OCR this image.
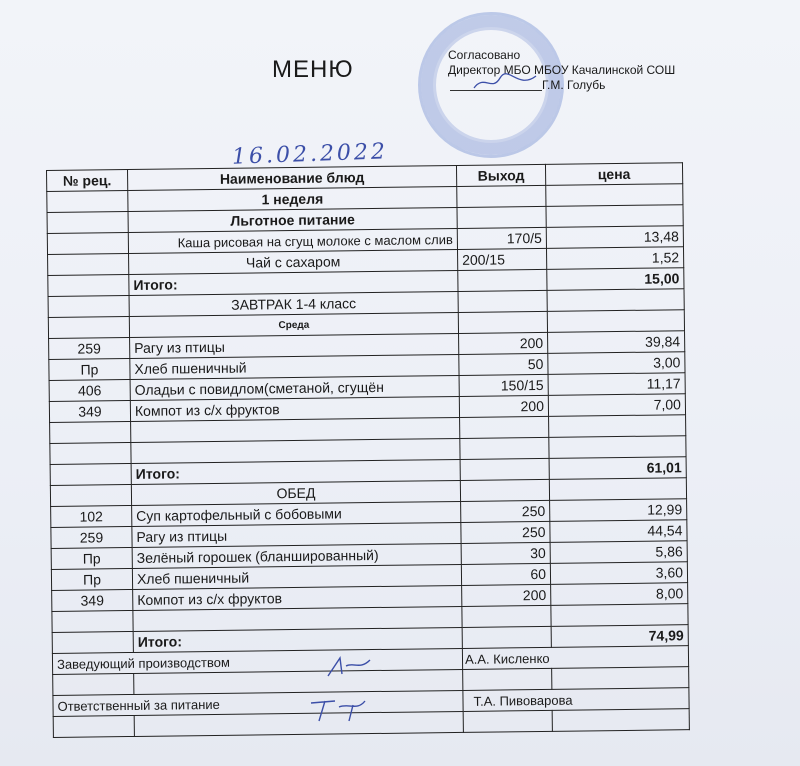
МЕНЮ
Согласовано
Директор МБО МБОУ Качалинской СОШ
Г.М. Голубь
16.02.2022
№ рец.	Наименование блюд	Выход	цена
	1 неделя		
	Льготное питание		
	Каша рисовая на сгущ молоке с маслом слив	170/5	13,48
	Чай с сахаром	200/15	1,52
	Итого:		15,00
	ЗАВТРАК 1-4 класс		
	Среда		
259	Рагу из птицы	200	39,84
Пр	Хлеб пшеничный	50	3,00
406	Оладьи с повидлом(сметаной, сгущён	150/15	11,17
349	Компот из с/х фруктов	200	7,00

	Итого:		61,01
	ОБЕД		
102	Суп картофельный с бобовыми	250	12,99
259	Рагу из птицы	250	44,54
Пр	Зелёный горошек (бланшированный)	30	5,86
Пр	Хлеб пшеничный	60	3,60
349	Компот из с/х фруктов	200	8,00

	Итого:		74,99
Заведующий производством		А.А. Кисленко	

Ответственный за питание		Т.А. Пивоварова	
